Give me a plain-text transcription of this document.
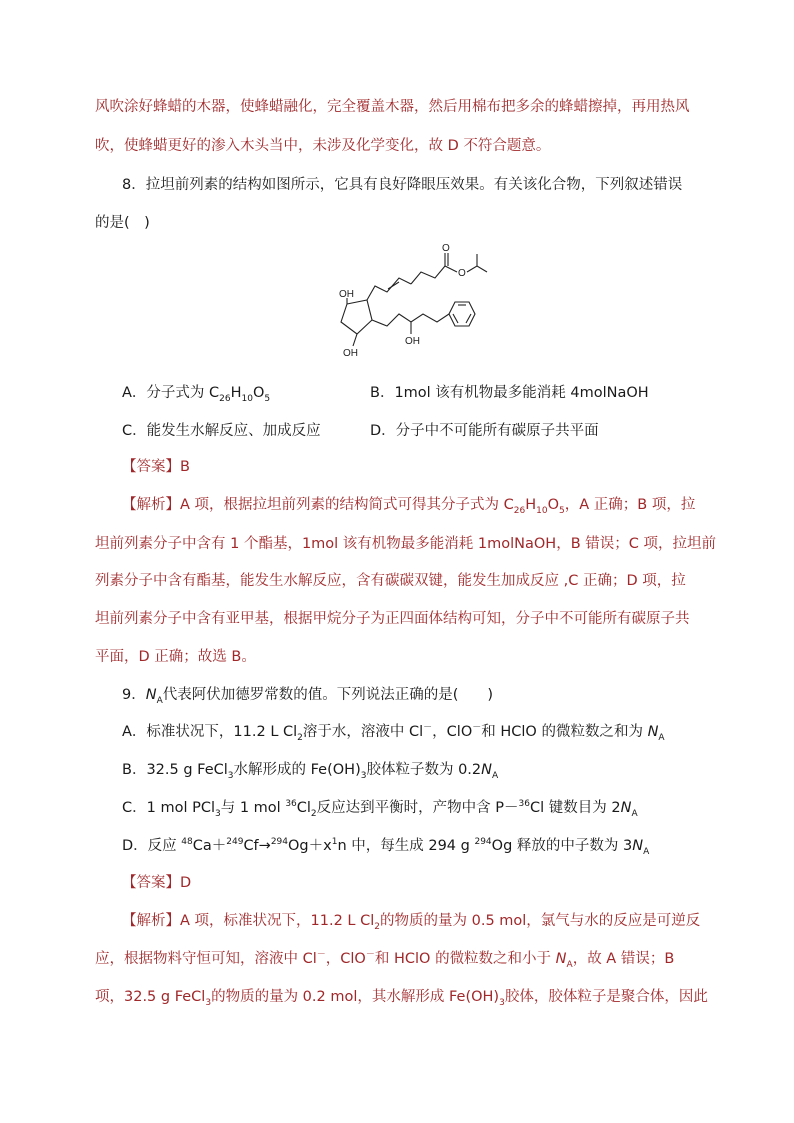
风吹涂好蜂蜡的木器，使蜂蜡融化，完全覆盖木器，然后用棉布把多余的蜂蜡擦掉，再用热风
吹，使蜂蜡更好的渗入木头当中，未涉及化学变化，故 D 不符合题意。
8．拉坦前列素的结构如图所示，它具有良好降眼压效果。有关该化合物，下列叙述错误
的是(　)
OH
OH
OH
O
O
A．分子式为 $C_{26}H_{10}O_5$	B．1mol 该有机物最多能消耗 4molNaOH
C．能发生水解反应、加成反应	D．分子中不可能所有碳原子共平面
【答案】B
【解析】A 项，根据拉坦前列素的结构简式可得其分子式为 $C_{26}H_{10}O_5$，A 正确；B 项，拉
坦前列素分子中含有 1 个酯基，1mol 该有机物最多能消耗 1molNaOH，B 错误；C 项，拉坦前
列素分子中含有酯基，能发生水解反应，含有碳碳双键，能发生加成反应 ,C 正确；D 项，拉
坦前列素分子中含有亚甲基，根据甲烷分子为正四面体结构可知，分子中不可能所有碳原子共
平面，D 正确；故选 B。
9．$N_A$代表阿伏加德罗常数的值。下列说法正确的是(　　)
A．标准状况下，11.2 L $Cl_2$溶于水，溶液中 Cl－，ClO－和 HClO 的微粒数之和为 $N_A$
B．32.5 g FeCl$_3$水解形成的 $Fe(OH)_3$胶体粒子数为 $0.2N_A$
C．1 mol PCl$_3$与 1 mol $^{36}Cl_2$反应达到平衡时，产物中含 P－$^{36}$Cl 键数目为 $2N_A$
D．反应 $^{48}Ca+^{249}Cf\to^{294}Og+x^1n$ 中，每生成 294 g $^{294}$Og 释放的中子数为 $3N_A$
【答案】D
【解析】A 项，标准状况下，11.2 L $Cl_2$的物质的量为 0.5 mol，氯气与水的反应是可逆反
应，根据物料守恒可知，溶液中 Cl－，ClO－和 HClO 的微粒数之和小于 $N_A$，故 A 错误；B
项，32.5 g FeCl$_3$的物质的量为 0.2 mol，其水解形成 $Fe(OH)_3$胶体，胶体粒子是聚合体，因此
